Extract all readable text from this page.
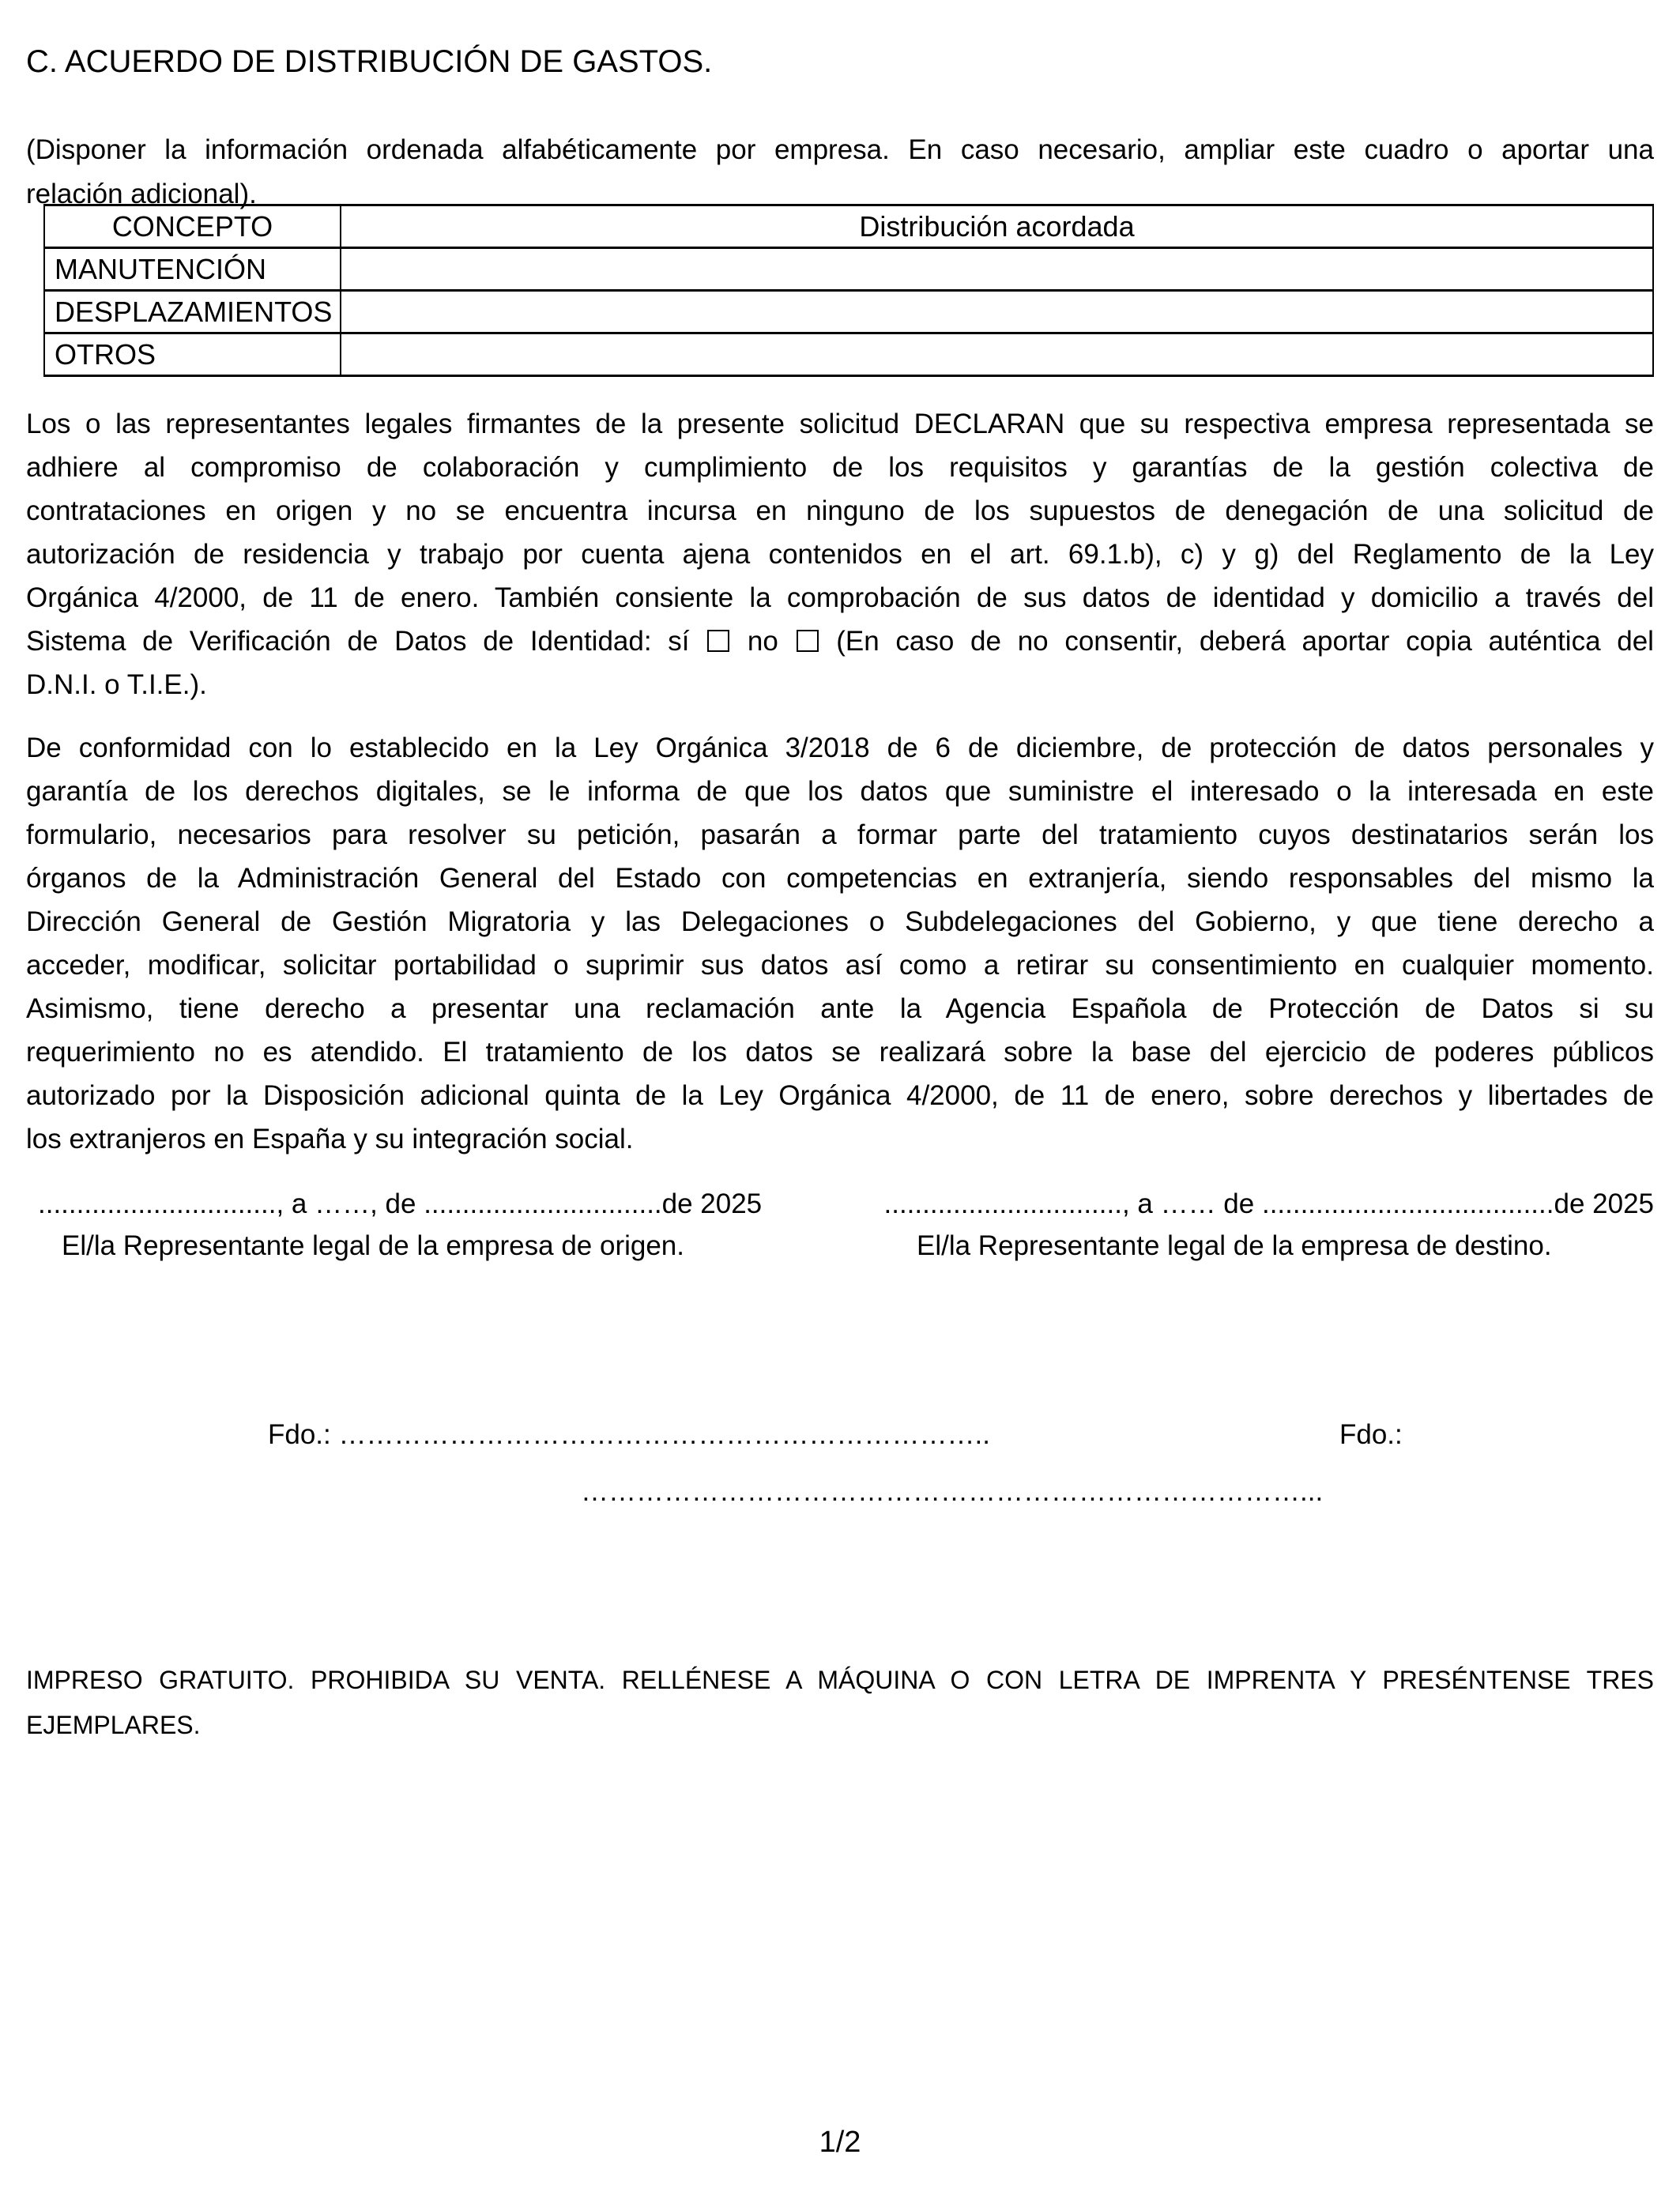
C. ACUERDO DE DISTRIBUCIÓN DE GASTOS.
(Disponer la información ordenada alfabéticamente por empresa. En caso necesario, ampliar este cuadro o aportar una
relación adicional).
CONCEPTO	Distribución acordada
MANUTENCIÓN	
DESPLAZAMIENTOS	
OTROS	
Los o las representantes legales firmantes de la presente solicitud DECLARAN que su respectiva empresa representada se
adhiere al compromiso de colaboración y cumplimiento de los requisitos y garantías de la gestión colectiva de
contrataciones en origen y no se encuentra incursa en ninguno de los supuestos de denegación de una solicitud de
autorización de residencia y trabajo por cuenta ajena contenidos en el art. 69.1.b), c) y g) del Reglamento de la Ley
Orgánica 4/2000, de 11 de enero. También consiente la comprobación de sus datos de identidad y domicilio a través del
Sistema de Verificación de Datos de Identidad: sí no (En caso de no consentir, deberá aportar copia auténtica del
D.N.I. o T.I.E.).
De conformidad con lo establecido en la Ley Orgánica 3/2018 de 6 de diciembre, de protección de datos personales y
garantía de los derechos digitales, se le informa de que los datos que suministre el interesado o la interesada en este
formulario, necesarios para resolver su petición, pasarán a formar parte del tratamiento cuyos destinatarios serán los
órganos de la Administración General del Estado con competencias en extranjería, siendo responsables del mismo la
Dirección General de Gestión Migratoria y las Delegaciones o Subdelegaciones del Gobierno, y que tiene derecho a
acceder, modificar, solicitar portabilidad o suprimir sus datos así como a retirar su consentimiento en cualquier momento.
Asimismo, tiene derecho a presentar una reclamación ante la Agencia Española de Protección de Datos si su
requerimiento no es atendido. El tratamiento de los datos se realizará sobre la base del ejercicio de poderes públicos
autorizado por la Disposición adicional quinta de la Ley Orgánica 4/2000, de 11 de enero, sobre derechos y libertades de
los extranjeros en España y su integración social.
..............................., a ……, de ...............................de 2025	..............................., a …… de ......................................de 2025
El/la Representante legal de la empresa de origen.	El/la Representante legal de la empresa de destino.
Fdo.: ……………………………………………………………..
……………………………………………………………………...
Fdo.:
IMPRESO GRATUITO. PROHIBIDA SU VENTA. RELLÉNESE A MÁQUINA O CON LETRA DE IMPRENTA Y PRESÉNTENSE TRES
EJEMPLARES.
1/2
